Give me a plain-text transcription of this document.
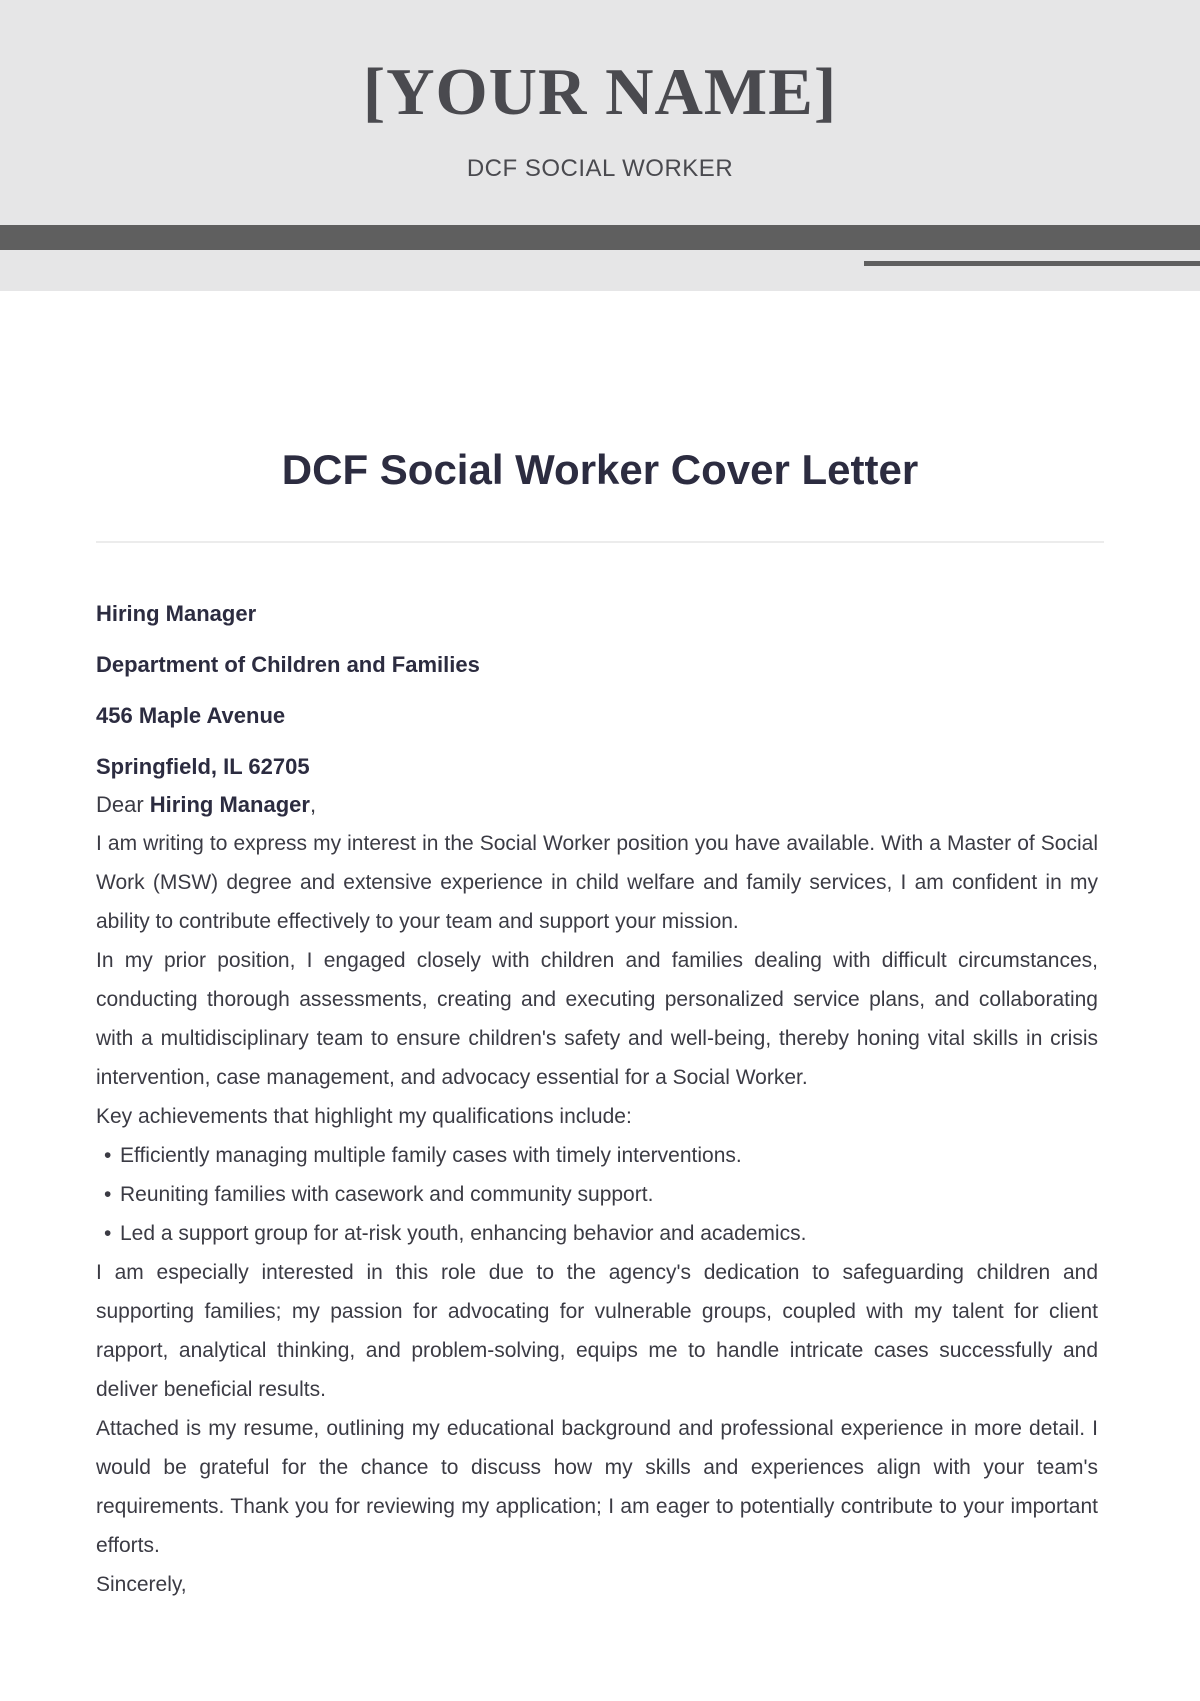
[YOUR NAME]
DCF SOCIAL WORKER
DCF Social Worker Cover Letter
Hiring Manager
Department of Children and Families
456 Maple Avenue
Springfield, IL 62705

Dear Hiring Manager,

I am writing to express my interest in the Social Worker position you have available. With a Master of Social Work (MSW) degree and extensive experience in child welfare and family services, I am confident in my ability to contribute effectively to your team and support your mission.

In my prior position, I engaged closely with children and families dealing with difficult circumstances, conducting thorough assessments, creating and executing personalized service plans, and collaborating with a multidisciplinary team to ensure children's safety and well-being, thereby honing vital skills in crisis intervention, case management, and advocacy essential for a Social Worker.

Key achievements that highlight my qualifications include:

• Efficiently managing multiple family cases with timely interventions.
• Reuniting families with casework and community support.
• Led a support group for at-risk youth, enhancing behavior and academics.

I am especially interested in this role due to the agency's dedication to safeguarding children and supporting families; my passion for advocating for vulnerable groups, coupled with my talent for client rapport, analytical thinking, and problem-solving, equips me to handle intricate cases successfully and deliver beneficial results.

Attached is my resume, outlining my educational background and professional experience in more detail. I would be grateful for the chance to discuss how my skills and experiences align with your team's requirements. Thank you for reviewing my application; I am eager to potentially contribute to your important efforts.

Sincerely,
